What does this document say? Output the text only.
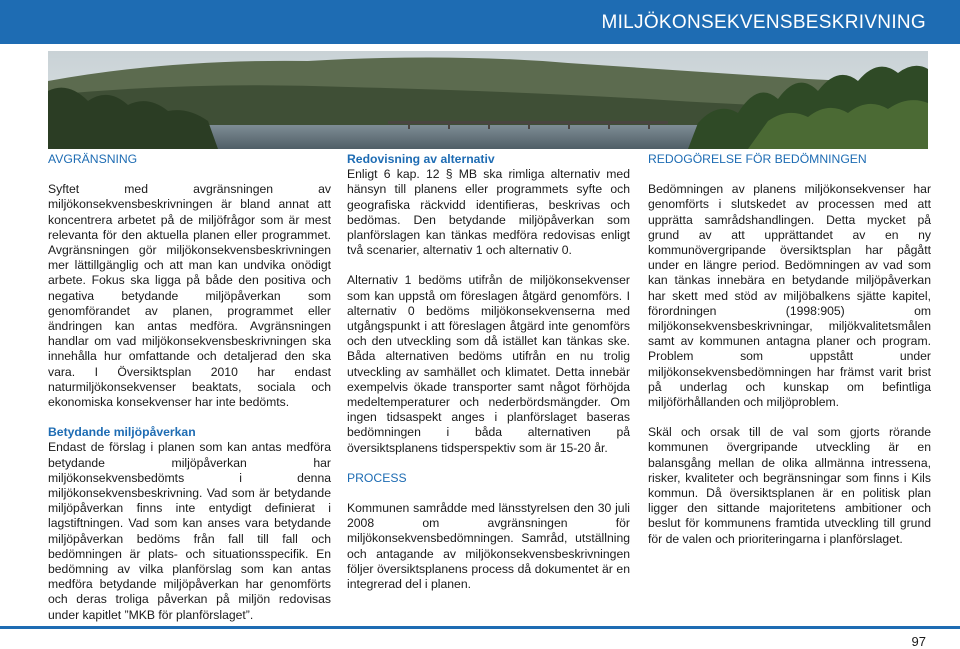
MILJÖKONSEKVENSBESKRIVNING
AVGRÄNSNING

Syftet med avgränsningen av miljökonsekvensbeskrivningen är bland annat att koncentrera arbetet på de miljöfrågor som är mest relevanta för den aktuella planen eller programmet. Avgränsningen gör miljökonsekvensbeskrivningen mer lättillgänglig och att man kan undvika onödigt arbete. Fokus ska ligga på både den positiva och negativa betydande miljöpåverkan som genomförandet av planen, programmet eller ändringen kan antas medföra. Avgränsningen handlar om vad miljökonsekvensbeskrivningen ska innehålla hur omfattande och detaljerad den ska vara. I Översiktsplan 2010 har endast naturmiljökonsekvenser beaktats, sociala och ekonomiska konsekvenser har inte bedömts.

Betydande miljöpåverkan

Endast de förslag i planen som kan antas medföra betydande miljöpåverkan har miljökonsekvensbedömts i denna miljökonsekvensbeskrivning. Vad som är betydande miljöpåverkan finns inte entydigt definierat i lagstiftningen. Vad som kan anses vara betydande miljöpåverkan bedöms från fall till fall och bedömningen är plats- och situationsspecifik. En bedömning av vilka planförslag som kan antas medföra betydande miljöpåverkan har genomförts och deras troliga påverkan på miljön redovisas under kapitlet ”MKB för planförslaget”.

Redovisning av alternativ

Enligt 6 kap. 12 § MB ska rimliga alternativ med hänsyn till planens eller programmets syfte och geografiska räckvidd identifieras, beskrivas och bedömas. Den betydande miljöpåverkan som planförslagen kan tänkas medföra redovisas enligt två scenarier, alternativ 1 och alternativ 0.

Alternativ 1 bedöms utifrån de miljökonsekvenser som kan uppstå om föreslagen åtgärd genomförs. I alternativ 0 bedöms miljökonsekvenserna med utgångspunkt i att föreslagen åtgärd inte genomförs och den utveckling som då istället kan tänkas ske. Båda alternativen bedöms utifrån en nu trolig utveckling av samhället och klimatet. Detta innebär exempelvis ökade transporter samt något förhöjda medeltemperaturer och nederbördsmängder. Om ingen tidsaspekt anges i planförslaget baseras bedömningen i båda alternativen på översiktsplanens tidsperspektiv som är 15-20 år.

PROCESS

Kommunen samrådde med länsstyrelsen den 30 juli 2008 om avgränsningen för miljökonsekvensbedömningen. Samråd, utställning och antagande av miljökonsekvensbeskrivningen följer översiktsplanens process då dokumentet är en integrerad del i planen.

REDOGÖRELSE FÖR BEDÖMNINGEN

Bedömningen av planens miljökonsekvenser har genomförts i slutskedet av processen med att upprätta samrådshandlingen. Detta mycket på grund av att upprättandet av en ny kommunövergripande översiktsplan har pågått under en längre period. Bedömningen av vad som kan tänkas innebära en betydande miljöpåverkan har skett med stöd av miljöbalkens sjätte kapitel, förordningen (1998:905) om miljökonsekvensbeskrivningar, miljökvalitetsmålen samt av kommunen antagna planer och program. Problem som uppstått under miljökonsekvensbedömningen har främst varit brist på underlag och kunskap om befintliga miljöförhållanden och miljöproblem.

Skäl och orsak till de val som gjorts rörande kommunen övergripande utveckling är en balansgång mellan de olika allmänna intressena, risker, kvaliteter och begränsningar som finns i Kils kommun. Då översiktsplanen är en politisk plan ligger den sittande majoritetens ambitioner och beslut för kommunens framtida utveckling till grund för de valen och prioriteringarna i planförslaget.

97
